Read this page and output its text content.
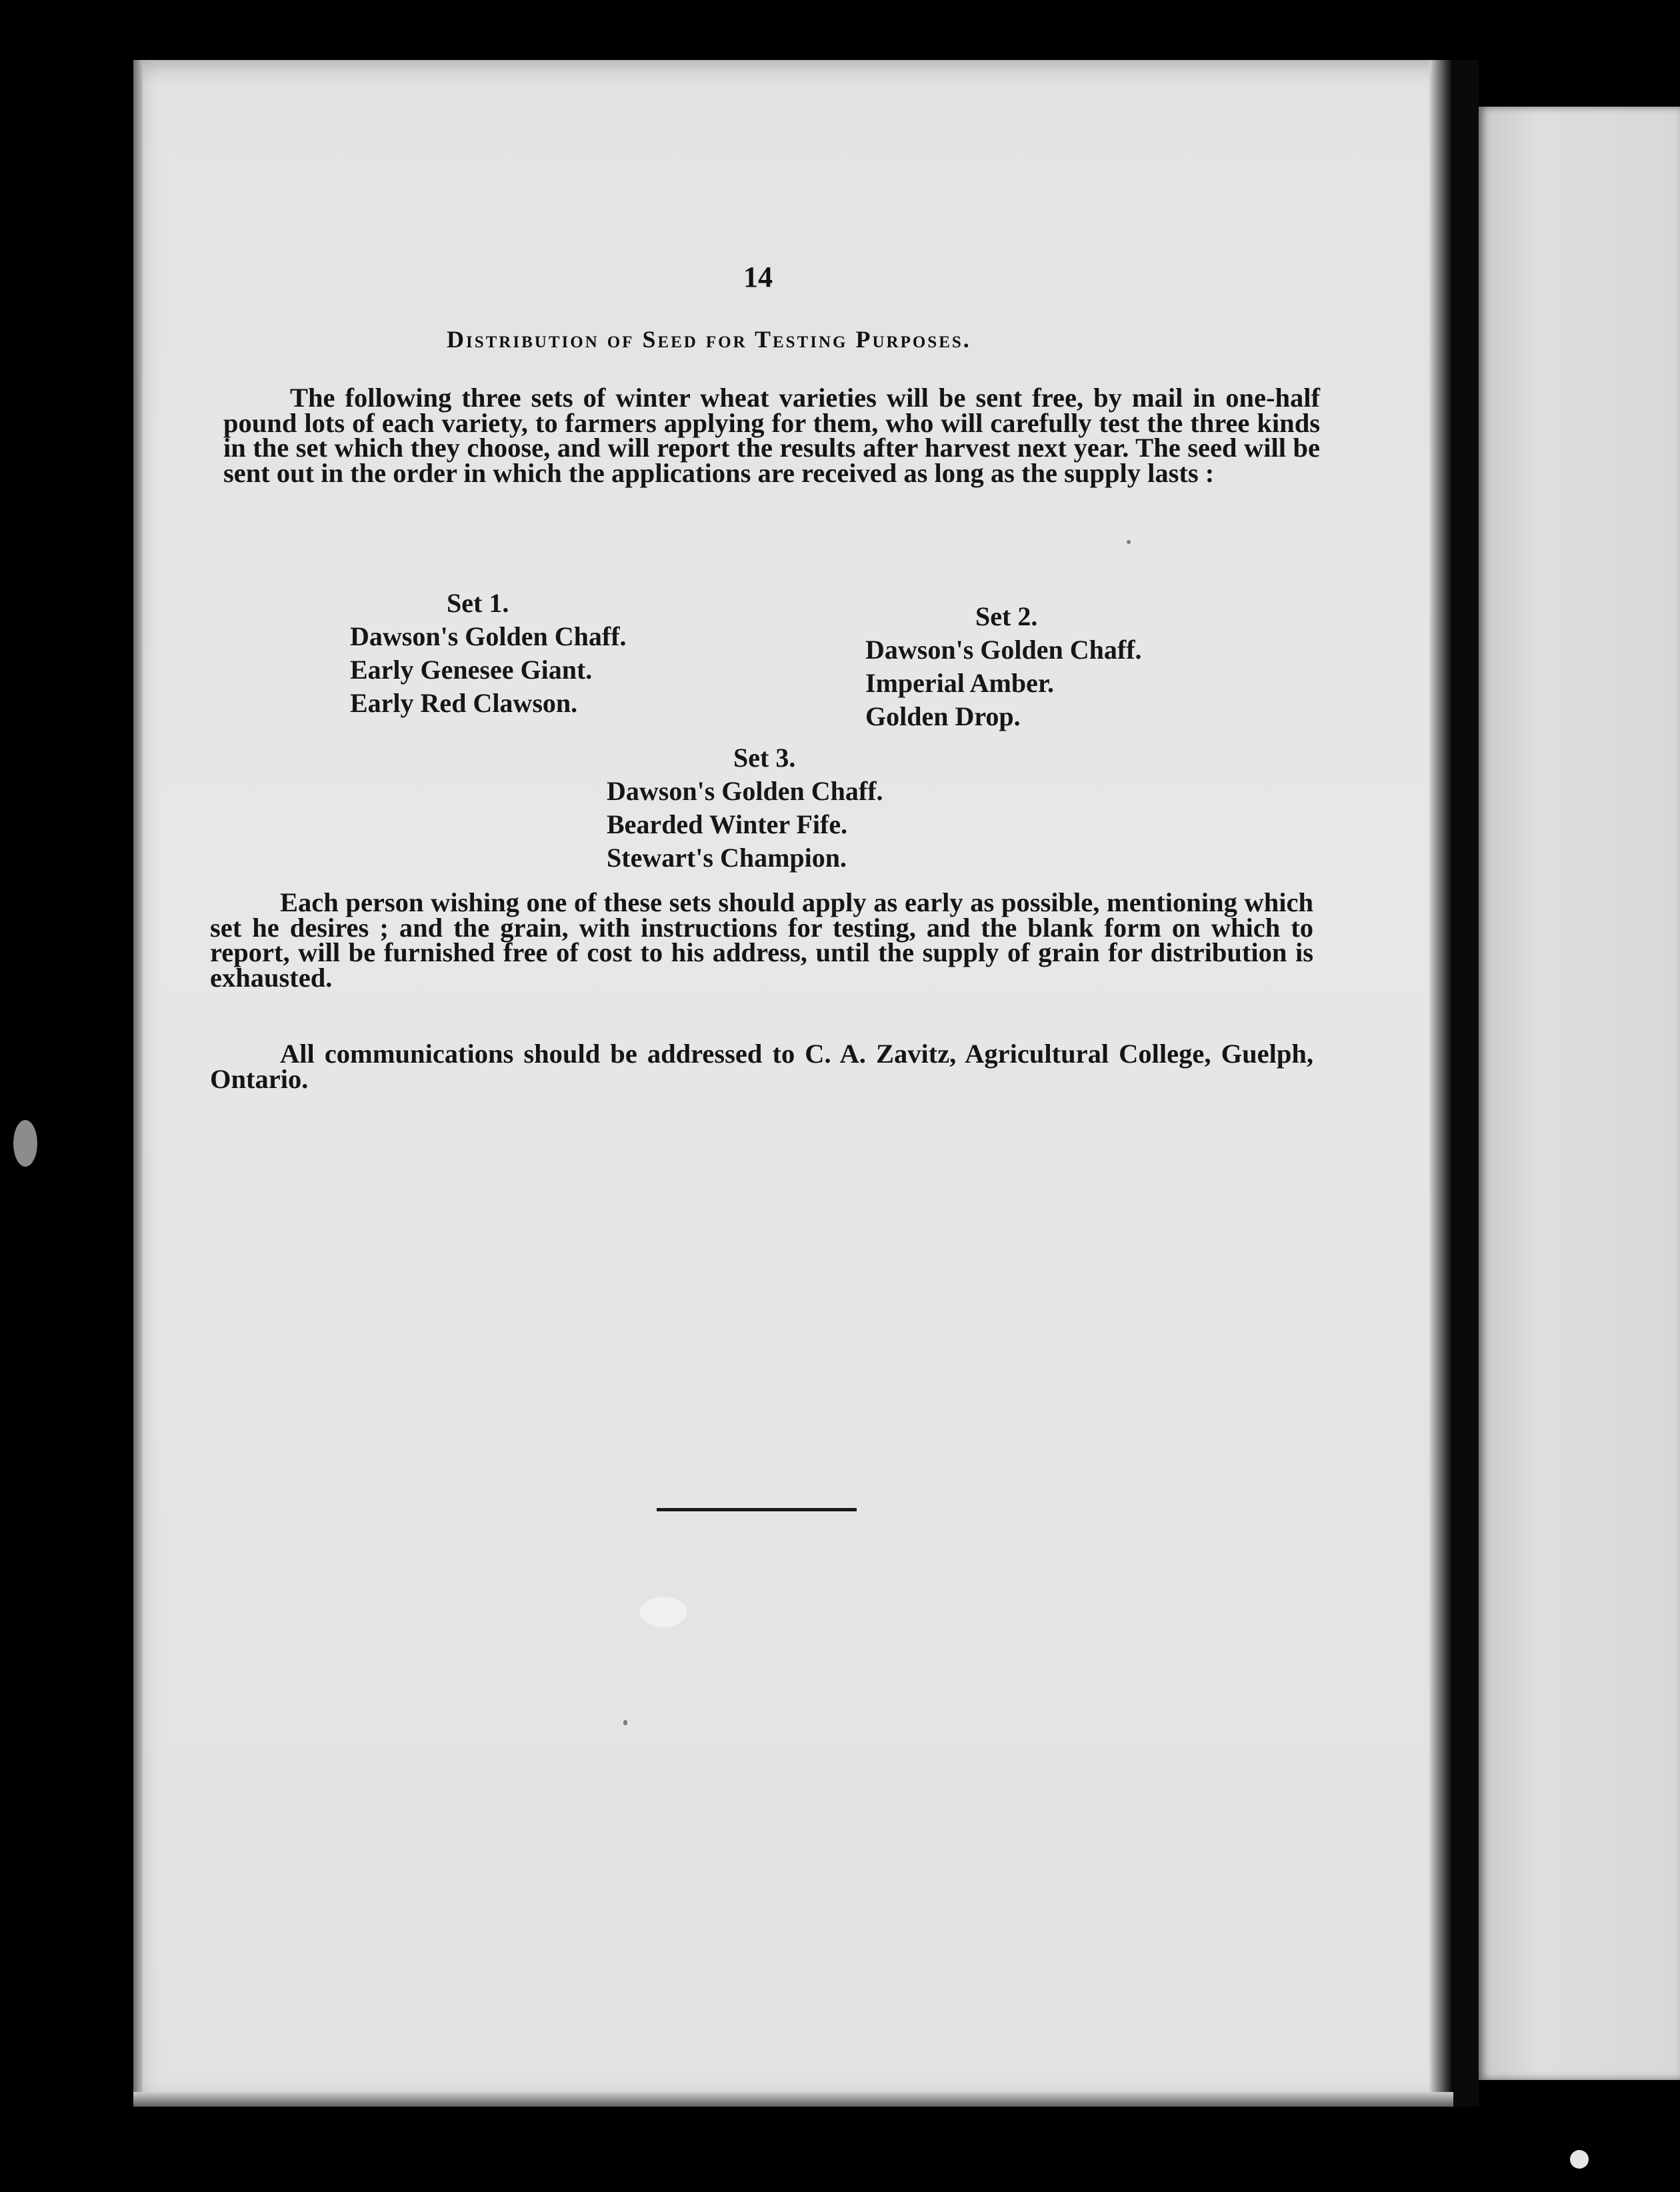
14
Distribution of Seed for Testing Purposes.
The following three sets of winter wheat varieties will be sent free, by mail in one-half pound lots of each variety, to farmers applying for them, who will carefully test the three kinds in the set which they choose, and will report the results after harvest next year. The seed will be sent out in the order in which the applications are received as long as the supply lasts :
Set 1.
Dawson's Golden Chaff.
Early Genesee Giant.
Early Red Clawson.
Set 2.
Dawson's Golden Chaff.
Imperial Amber.
Golden Drop.
Set 3.
Dawson's Golden Chaff.
Bearded Winter Fife.
Stewart's Champion.
Each person wishing one of these sets should apply as early as possible, mentioning which set he desires ; and the grain, with instructions for testing, and the blank form on which to report, will be furnished free of cost to his address, until the supply of grain for distribution is exhausted.
All communications should be addressed to C. A. Zavitz, Agricultural College, Guelph, Ontario.
